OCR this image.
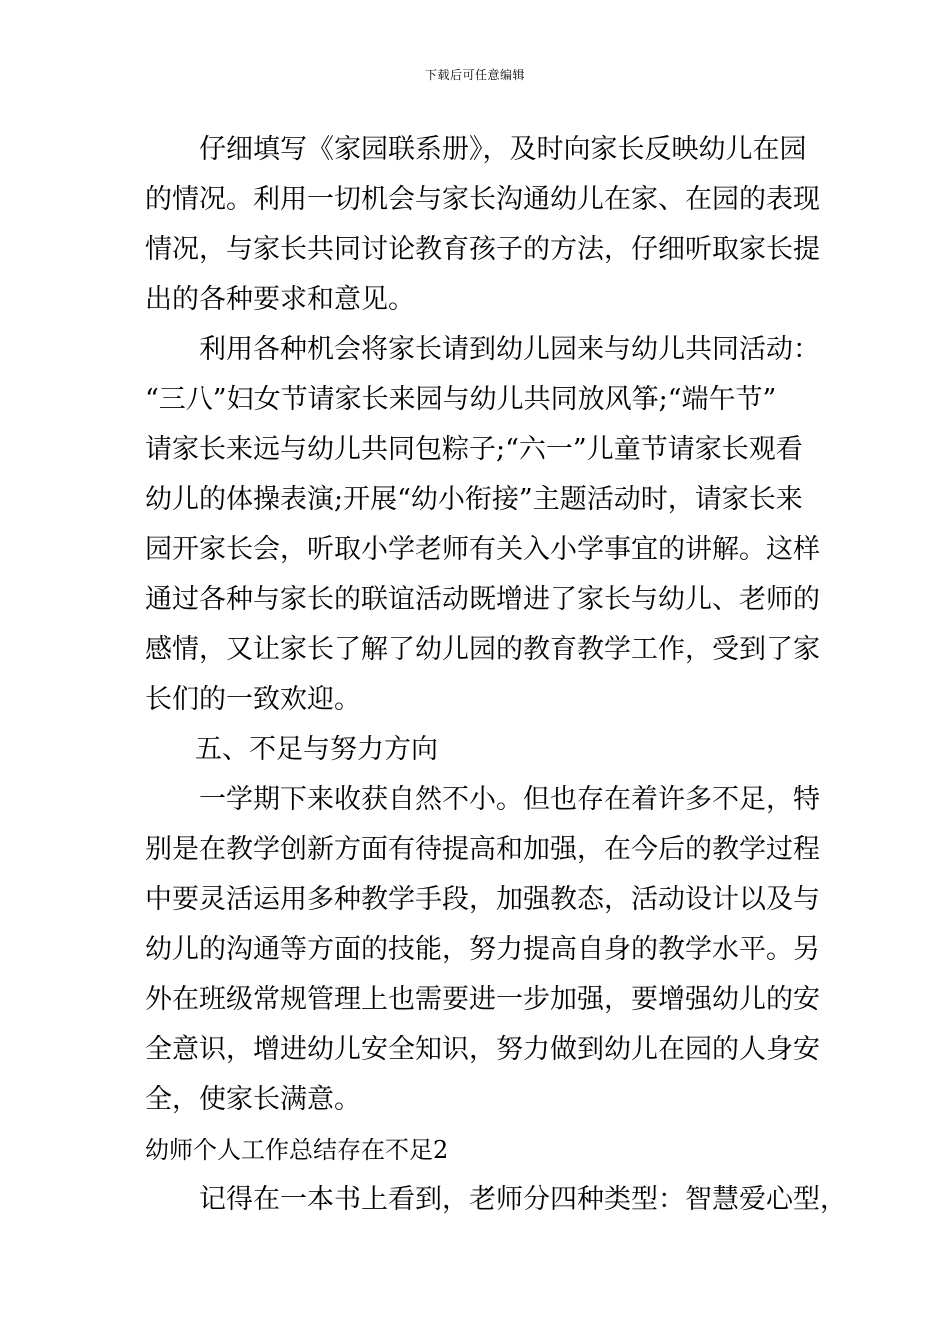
下载后可任意编辑
　仔细填写《家园联系册》，及时向家长反映幼儿在园
的情况。利用一切机会与家长沟通幼儿在家、在园的表现
情况，与家长共同讨论教育孩子的方法，仔细听取家长提
出的各种要求和意见。
　利用各种机会将家长请到幼儿园来与幼儿共同活动：
“三八”妇女节请家长来园与幼儿共同放风筝;“端午节”
请家长来远与幼儿共同包粽子;“六一”儿童节请家长观看
幼儿的体操表演;开展“幼小衔接”主题活动时，请家长来
园开家长会，听取小学老师有关入小学事宜的讲解。这样
通过各种与家长的联谊活动既增进了家长与幼儿、老师的
感情，又让家长了解了幼儿园的教育教学工作，受到了家
长们的一致欢迎。
　五、不足与努力方向
　一学期下来收获自然不小。但也存在着许多不足，特
别是在教学创新方面有待提高和加强，在今后的教学过程
中要灵活运用多种教学手段，加强教态，活动设计以及与
幼儿的沟通等方面的技能，努力提高自身的教学水平。另
外在班级常规管理上也需要进一步加强，要增强幼儿的安
全意识，增进幼儿安全知识，努力做到幼儿在园的人身安
全，使家长满意。
幼师个人工作总结存在不足2
　记得在一本书上看到，老师分四种类型：智慧爱心型，
